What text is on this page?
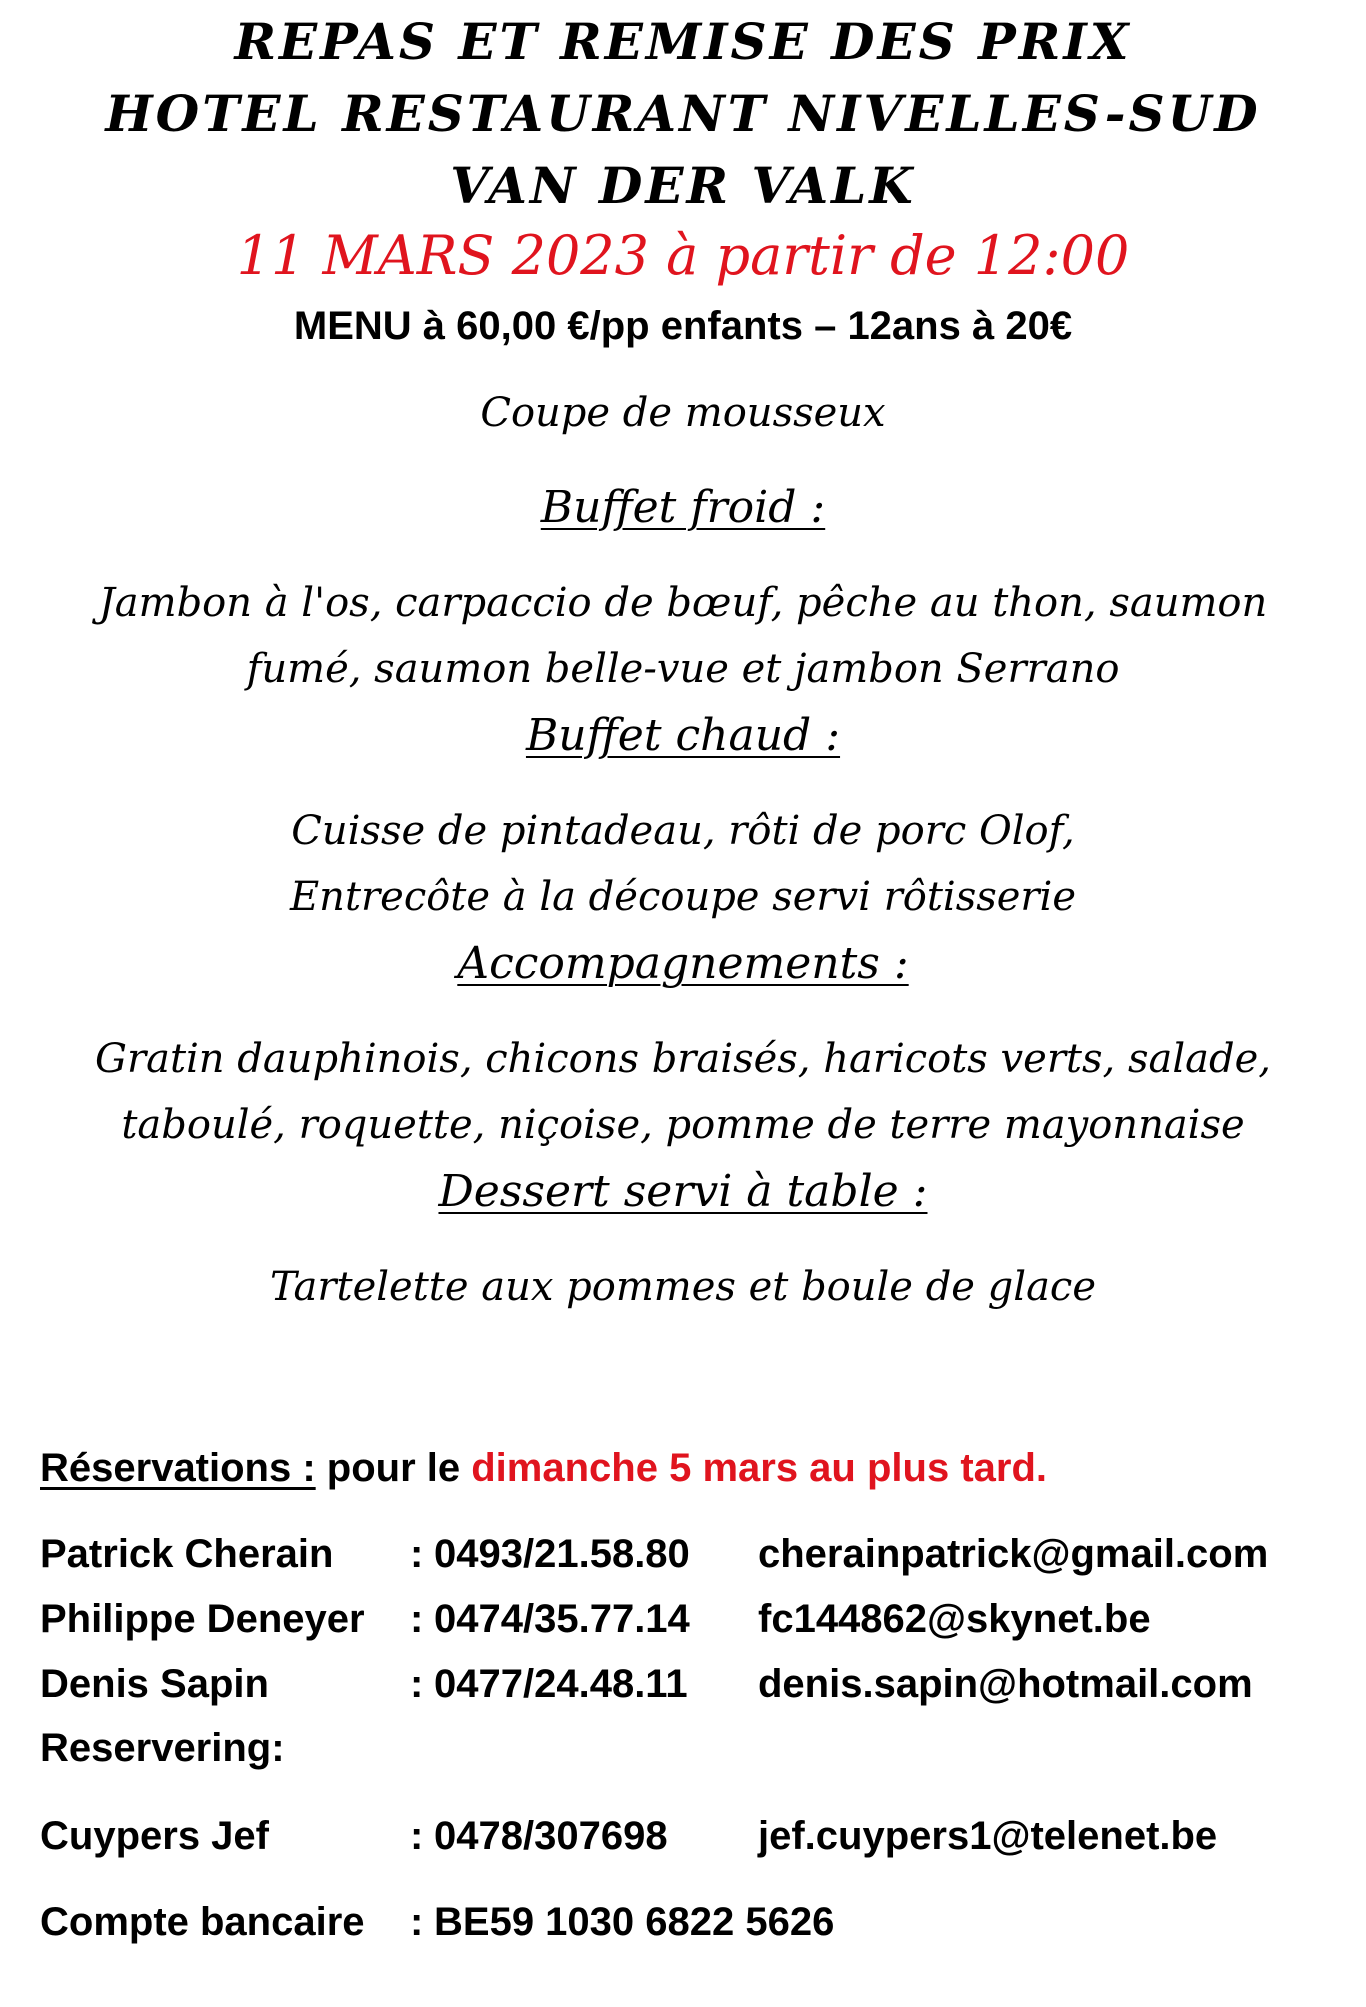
REPAS ET REMISE DES PRIX
HOTEL RESTAURANT NIVELLES-SUD
VAN DER VALK
11 MARS 2023 à partir de 12:00
MENU à 60,00 €/pp enfants – 12ans à 20€
Coupe de mousseux
Buffet froid :
Jambon à l'os, carpaccio de bœuf, pêche au thon, saumon
fumé, saumon belle-vue et jambon Serrano
Buffet chaud :
Cuisse de pintadeau, rôti de porc Olof,
Entrecôte à la découpe servi rôtisserie
Accompagnements :
Gratin dauphinois, chicons braisés, haricots verts, salade,
taboulé, roquette, niçoise, pomme de terre mayonnaise
Dessert servi à table :
Tartelette aux pommes et boule de glace
Réservations : pour le dimanche 5 mars au plus tard.
Patrick Cherain : 0493/21.58.80 cherainpatrick@gmail.com
Philippe Deneyer : 0474/35.77.14 fc144862@skynet.be
Denis Sapin	: 0477/24.48.11 denis.sapin@hotmail.com
Reservering:
Cuypers Jef	: 0478/307698 jef.cuypers1@telenet.be
Compte bancaire : BE59 1030 6822 5626
